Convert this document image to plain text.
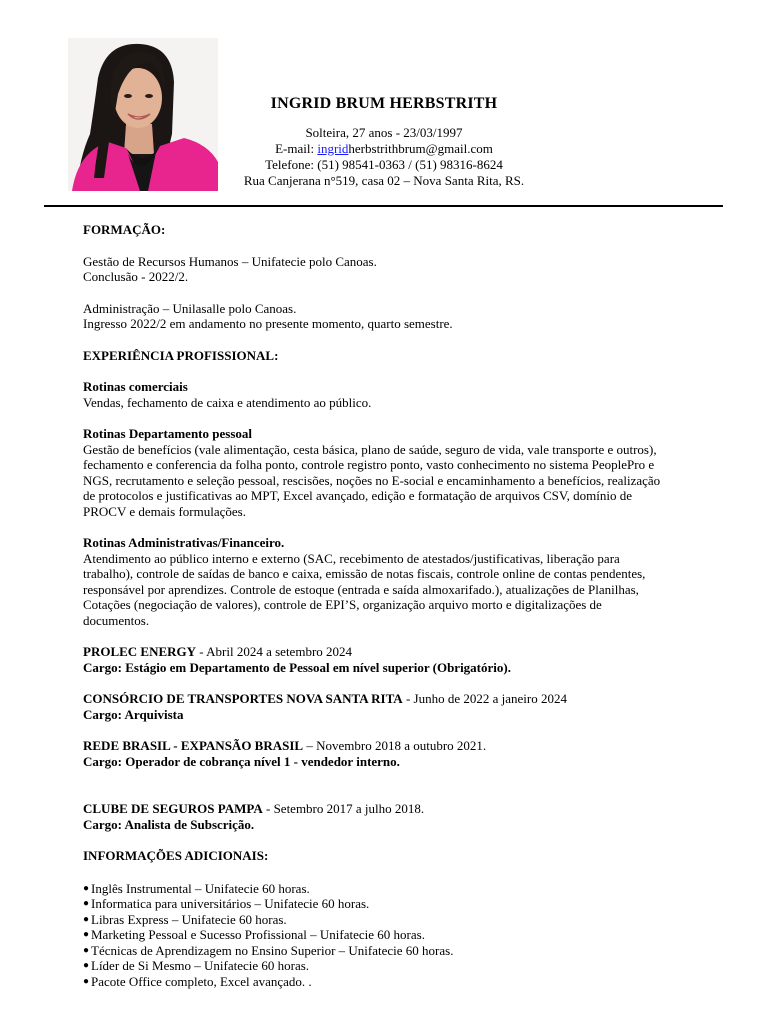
INGRID BRUM HERBSTRITH
Solteira, 27 anos - 23/03/1997
E-mail: ingridherbstrithbrum@gmail.com
Telefone: (51) 98541-0363 / (51) 98316-8624
Rua Canjerana n°519, casa 02 – Nova Santa Rita, RS.

FORMAÇÃO:

Gestão de Recursos Humanos – Unifatecie polo Canoas.

Conclusão - 2022/2.

Administração – Unilasalle polo Canoas.

Ingresso 2022/2 em andamento no presente momento, quarto semestre.

EXPERIÊNCIA PROFISSIONAL:

Rotinas comerciais

Vendas, fechamento de caixa e atendimento ao público.

Rotinas Departamento pessoal

Gestão de benefícios (vale alimentação, cesta básica, plano de saúde, seguro de vida, vale transporte e outros),

fechamento e conferencia da folha ponto, controle registro ponto, vasto conhecimento no sistema PeoplePro e

NGS, recrutamento e seleção pessoal, rescisões, noções no E-social e encaminhamento a benefícios, realização

de protocolos e justificativas ao MPT, Excel avançado, edição e formatação de arquivos CSV, domínio de

PROCV e demais formulações.

Rotinas Administrativas/Financeiro.

Atendimento ao público interno e externo (SAC, recebimento de atestados/justificativas, liberação para

trabalho), controle de saídas de banco e caixa, emissão de notas fiscais, controle online de contas pendentes,

responsável por aprendizes. Controle de estoque (entrada e saída almoxarifado.), atualizações de Planilhas,

Cotações (negociação de valores), controle de EPI’S, organização arquivo morto e digitalizações de

documentos.

PROLEC ENERGY - Abril 2024 a setembro 2024

Cargo: Estágio em Departamento de Pessoal em nível superior (Obrigatório).

CONSÓRCIO DE TRANSPORTES NOVA SANTA RITA - Junho de 2022 a janeiro 2024

Cargo: Arquivista

REDE BRASIL - EXPANSÃO BRASIL – Novembro 2018 a outubro 2021.

Cargo: Operador de cobrança nível 1 - vendedor interno.

CLUBE DE SEGUROS PAMPA - Setembro 2017 a julho 2018.

Cargo: Analista de Subscrição.

INFORMAÇÕES ADICIONAIS:

● Inglês Instrumental – Unifatecie 60 horas.
● Informatica para universitários – Unifatecie 60 horas.
● Libras Express – Unifatecie 60 horas.
● Marketing Pessoal e Sucesso Profissional – Unifatecie 60 horas.
● Técnicas de Aprendizagem no Ensino Superior – Unifatecie 60 horas.
● Líder de Si Mesmo – Unifatecie 60 horas.
● Pacote Office completo, Excel avançado. .
